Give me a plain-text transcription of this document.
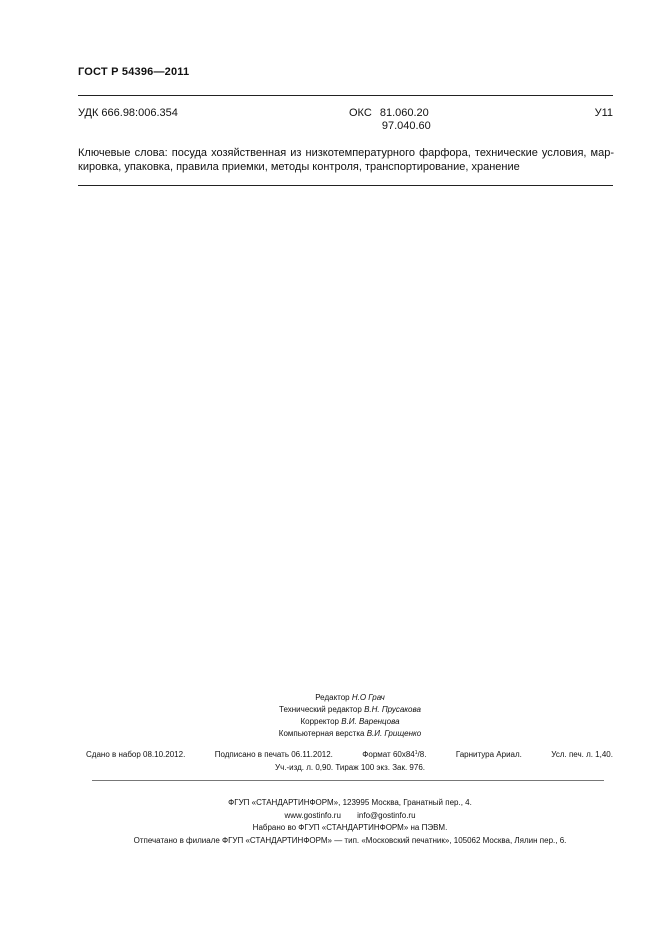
ГОСТ Р 54396—2011
УДК 666.98:006.354	ОКС 81.060.20
97.040.60
У11
Ключевые слова: посуда хозяйственная из низкотемпературного фарфора, технические условия, мар-
кировка, упаковка, правила приемки, методы контроля, транспортирование, хранение
Редактор Н.О Грач
Технический редактор В.Н. Прусакова
Корректор В.И. Варенцова
Компьютерная верстка В.И. Грищенко
Сдано в набор 08.10.2012.	Подписано в печать 06.11.2012.	Формат $60x84^1/8$.	Гарнитура Ариал.	Усл. печ. л. 1,40.
Уч.-изд. л. 0,90. Тираж 100 экз. Зак. 976.
ФГУП «СТАНДАРТИНФОРМ», 123995 Москва, Гранатный пер., 4.
www.gostinfo.ru info@gostinfo.ru
Набрано во ФГУП «СТАНДАРТИНФОРМ» на ПЭВМ.
Отпечатано в филиале ФГУП «СТАНДАРТИНФОРМ» — тип. «Московский печатник», 105062 Москва, Лялин пер., 6.
